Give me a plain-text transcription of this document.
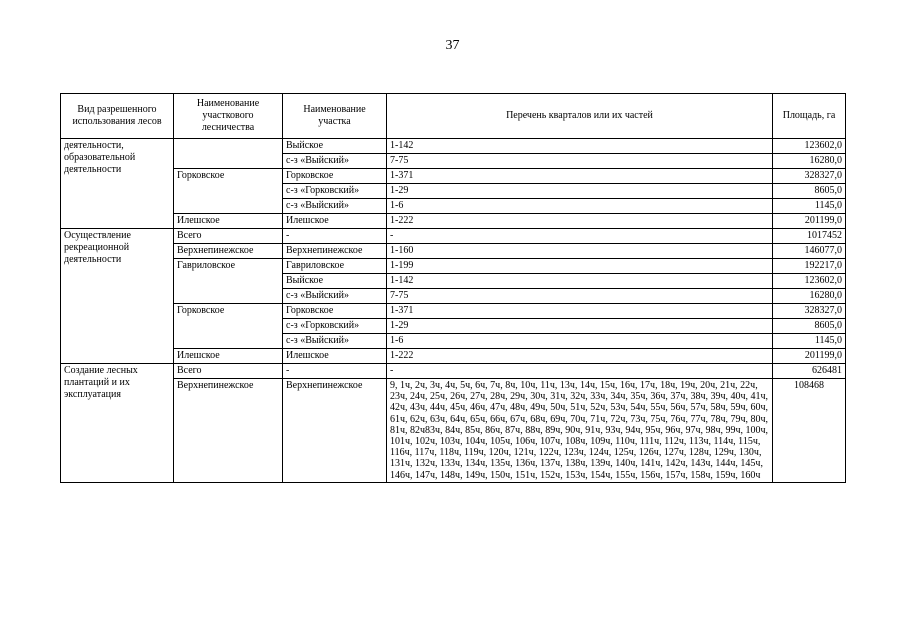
37
Вид разрешенного использования лесов	Наименование участкового лесничества	Наименование участка	Перечень кварталов или их частей	Площадь, га
деятельности, образовательной деятельности		Выйское	1-142	123602,0
		с-з «Выйский»	7-75	16280,0
	Горковское	Горковское	1-371	328327,0
		с-з «Горковский»	1-29	8605,0
		с-з «Выйский»	1-6	1145,0
	Илешское	Илешское	1-222	201199,0
Осуществление рекреационной деятельности	Всего	-	-	1017452
	Верхнепинежское	Верхнепинежское	1-160	146077,0
	Гавриловское	Гавриловское	1-199	192217,0
		Выйское	1-142	123602,0
		с-з «Выйский»	7-75	16280,0
	Горковское	Горковское	1-371	328327,0
		с-з «Горковский»	1-29	8605,0
		с-з «Выйский»	1-6	1145,0
	Илешское	Илешское	1-222	201199,0
Создание лесных плантаций и их эксплуатация	Всего	-	-	626481
	Верхнепинежское	Верхнепинежское	9, 1ч, 2ч, 3ч, 4ч, 5ч, 6ч, 7ч, 8ч, 10ч, 11ч, 13ч, 14ч, 15ч, 16ч, 17ч, 18ч, 19ч, 20ч, 21ч, 22ч, 23ч, 24ч, 25ч, 26ч, 27ч, 28ч, 29ч, 30ч, 31ч, 32ч, 33ч, 34ч, 35ч, 36ч, 37ч, 38ч, 39ч, 40ч, 41ч, 42ч, 43ч, 44ч, 45ч, 46ч, 47ч, 48ч, 49ч, 50ч, 51ч, 52ч, 53ч, 54ч, 55ч, 56ч, 57ч, 58ч, 59ч, 60ч, 61ч, 62ч, 63ч, 64ч, 65ч, 66ч, 67ч, 68ч, 69ч, 70ч, 71ч, 72ч, 73ч, 75ч, 76ч, 77ч, 78ч, 79ч, 80ч, 81ч, 82ч83ч, 84ч, 85ч, 86ч, 87ч, 88ч, 89ч, 90ч, 91ч, 93ч, 94ч, 95ч, 96ч, 97ч, 98ч, 99ч, 100ч, 101ч, 102ч, 103ч, 104ч, 105ч, 106ч, 107ч, 108ч, 109ч, 110ч, 111ч, 112ч, 113ч, 114ч, 115ч, 116ч, 117ч, 118ч, 119ч, 120ч, 121ч, 122ч, 123ч, 124ч, 125ч, 126ч, 127ч, 128ч, 129ч, 130ч, 131ч, 132ч, 133ч, 134ч, 135ч, 136ч, 137ч, 138ч, 139ч, 140ч, 141ч, 142ч, 143ч, 144ч, 145ч, 146ч, 147ч, 148ч, 149ч, 150ч, 151ч, 152ч, 153ч, 154ч, 155ч, 156ч, 157ч, 158ч, 159ч, 160ч	108468
